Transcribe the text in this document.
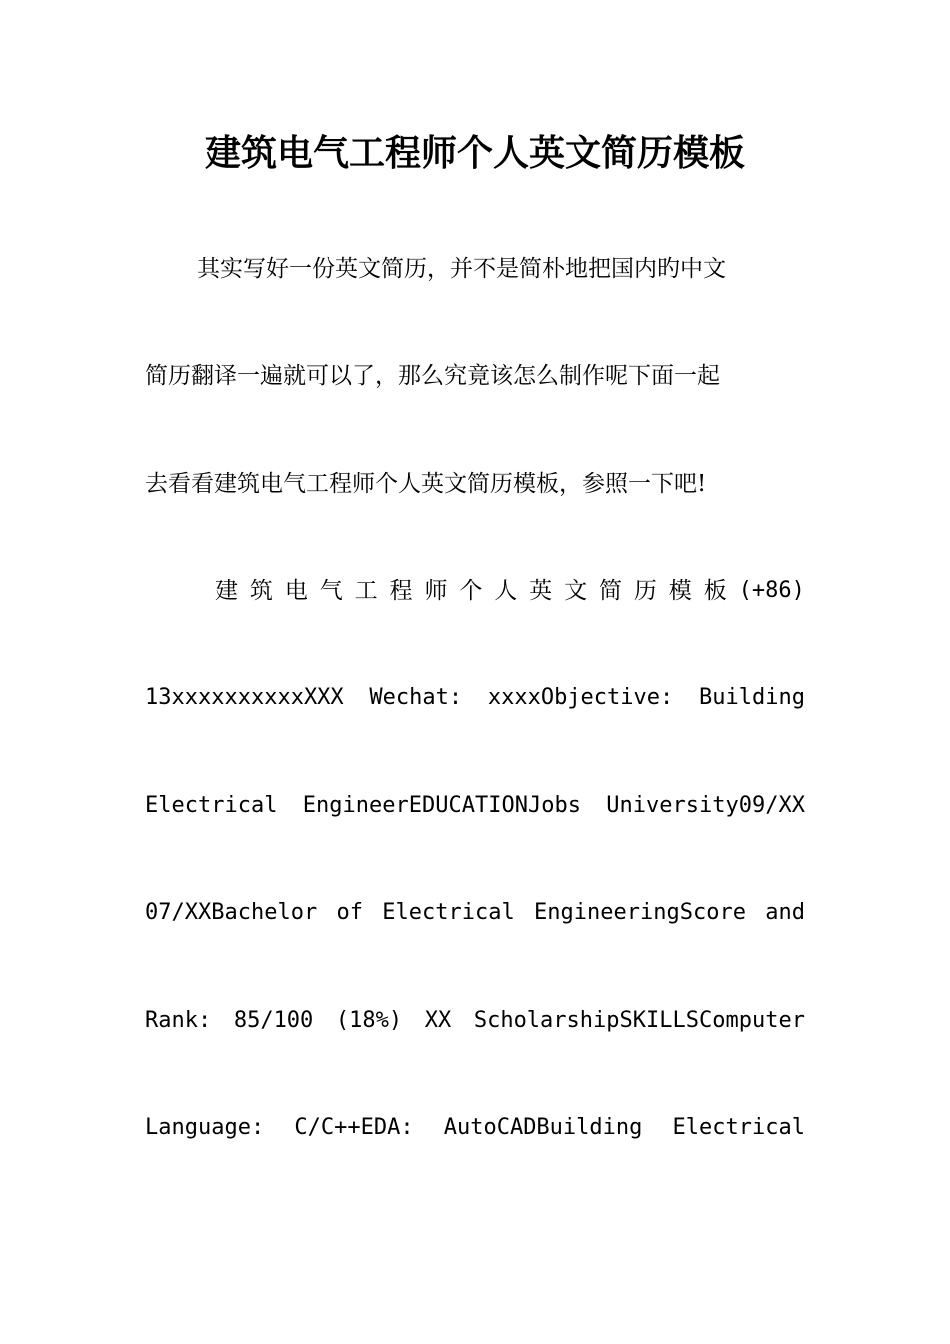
建筑电气工程师个人英文简历模板
其实写好一份英文简历，并不是简朴地把国内旳中文
简历翻译一遍就可以了，那么究竟该怎么制作呢下面一起
去看看建筑电气工程师个人英文简历模板，参照一下吧!
建 筑 电 气 工 程 师 个 人 英 文 简 历 模 板 (+86)
13xxxxxxxxxxXXX Wechat: xxxxObjective: Building
Electrical EngineerEDUCATIONJobs University09/XX
07/XXBachelor of Electrical EngineeringScore and
Rank: 85/100 (18%) XX ScholarshipSKILLSComputer
Language: C/C++EDA: AutoCADBuilding Electrical
